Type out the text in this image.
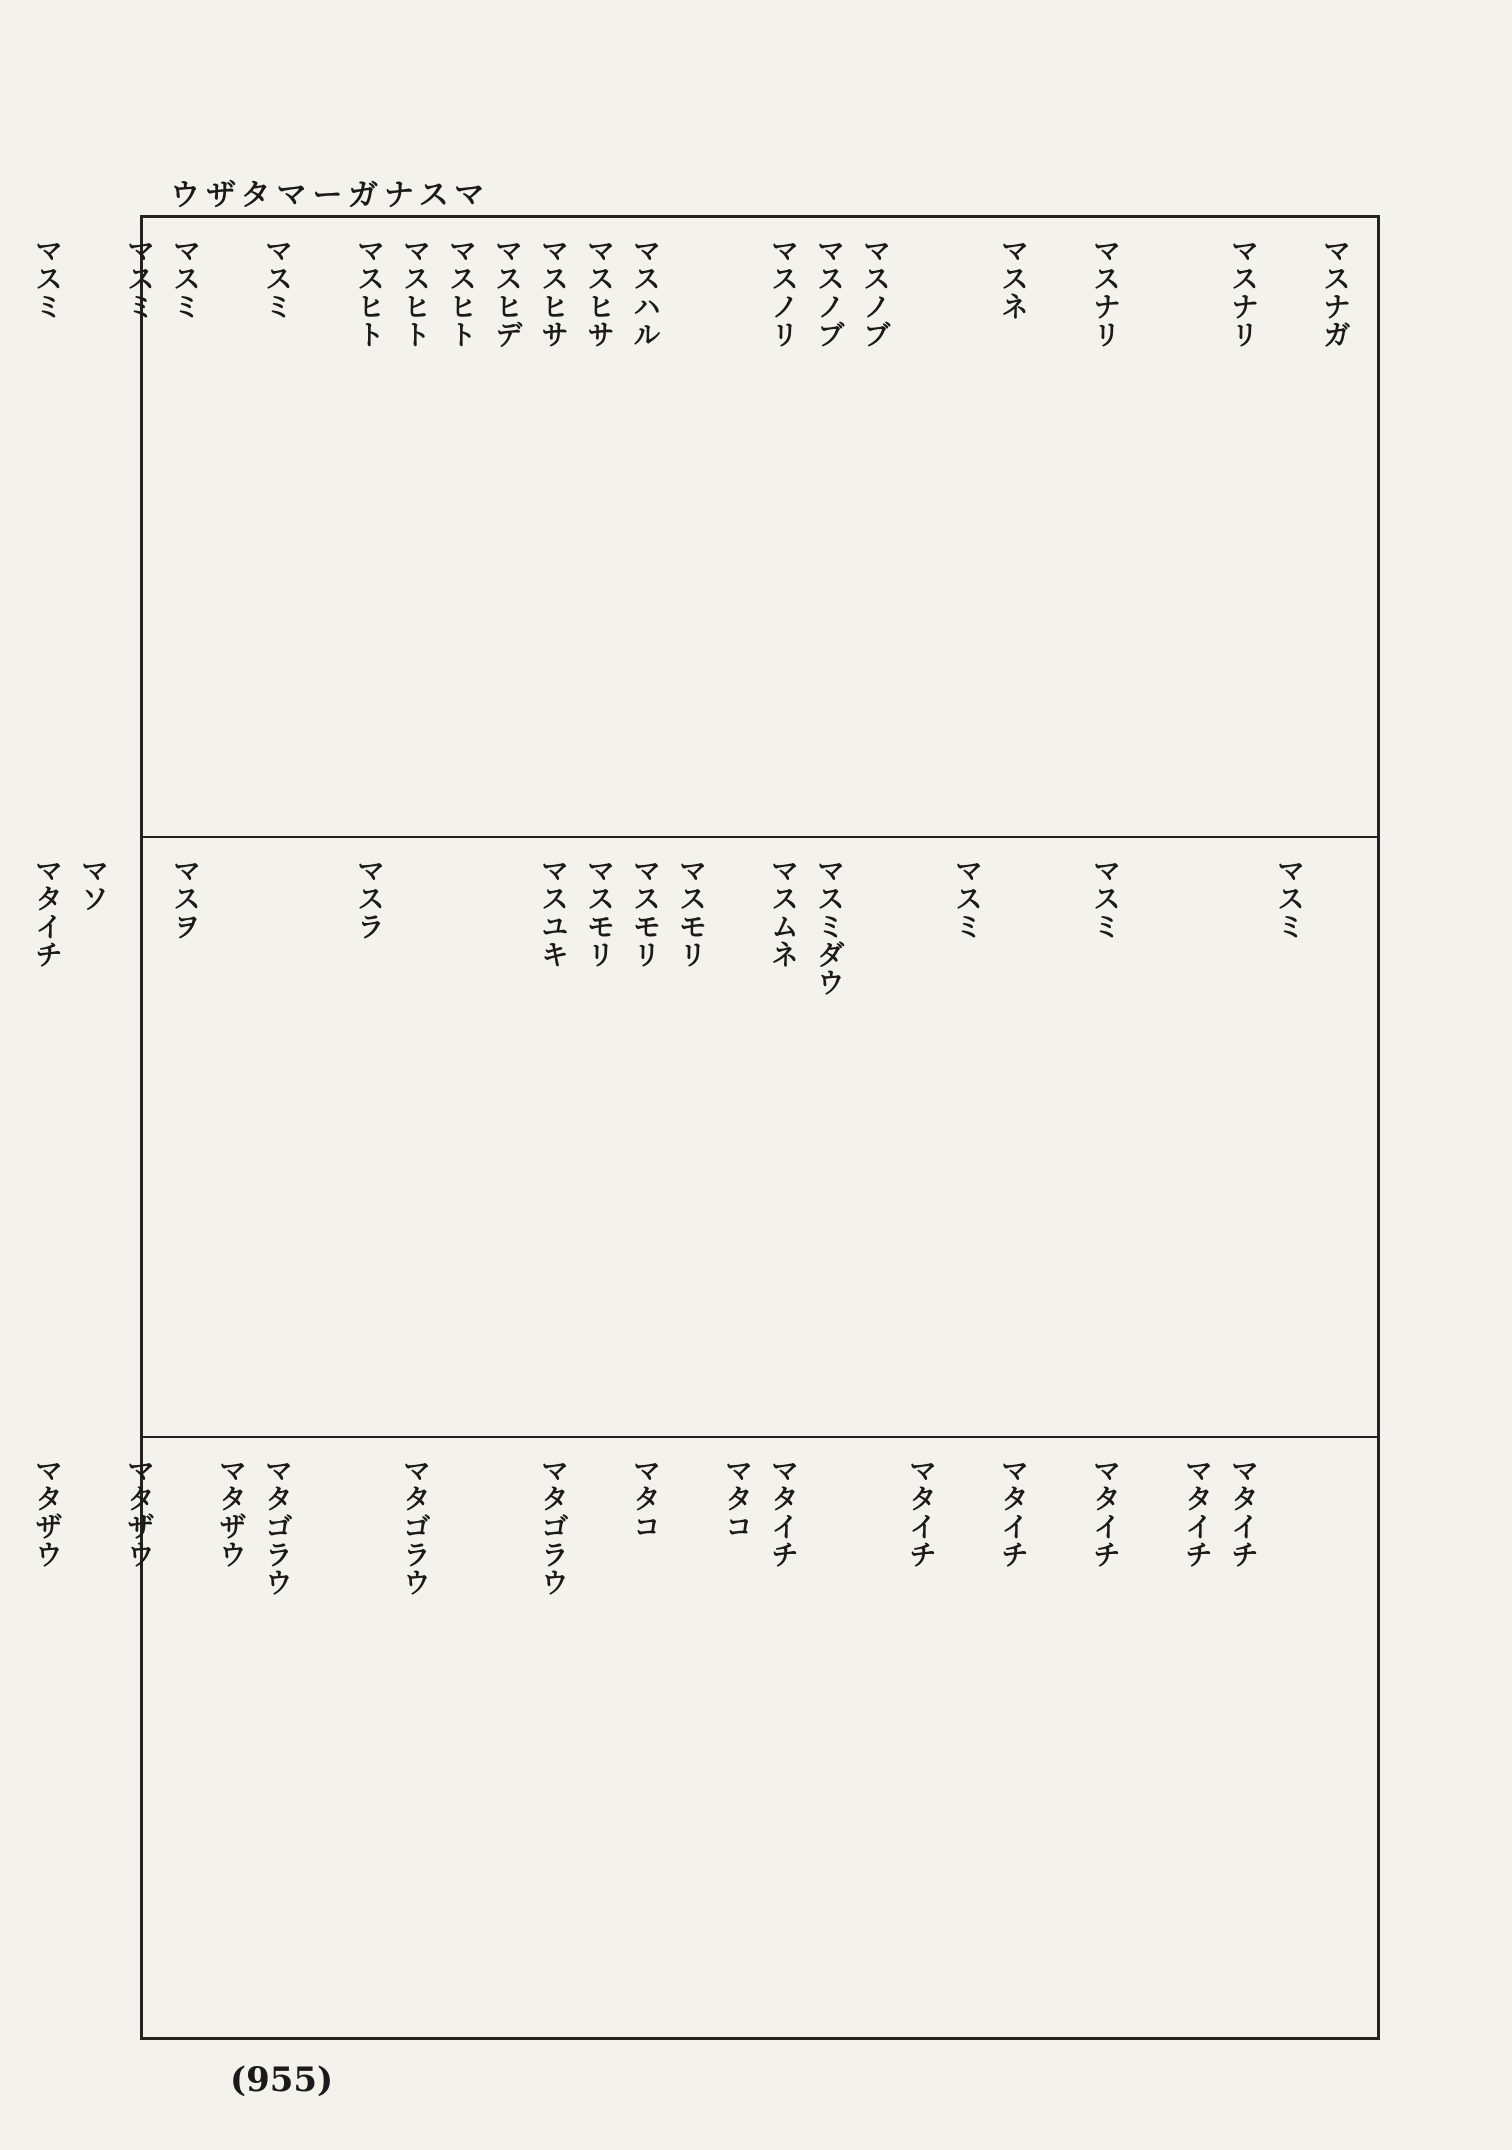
ウザタマーガナスマ
マスナガ
マスナリ
マスナリ
マスネ
マスノブ
マスノブ
マスノリ
マスハル
マスヒサ
マスヒサ
マスヒデ
マスヒト
マスヒト
マスヒト
マスミ
マスミ
マスミ
マスミ
マスミ
マスミ
マスミ
マスミダウ
マスムネ
マスモリ
マスモリ
マスモリ
マスユキ
マスラ
マスヲ
マソ
マタイチ
マタイチ
マタイチ
マタイチ
マタイチ
マタイチ
マタイチ
マタコ
マタコ
マタゴラウ
マタゴラウ
マタゴラウ
マタザウ
マタザウ
マタザウ
(955)
